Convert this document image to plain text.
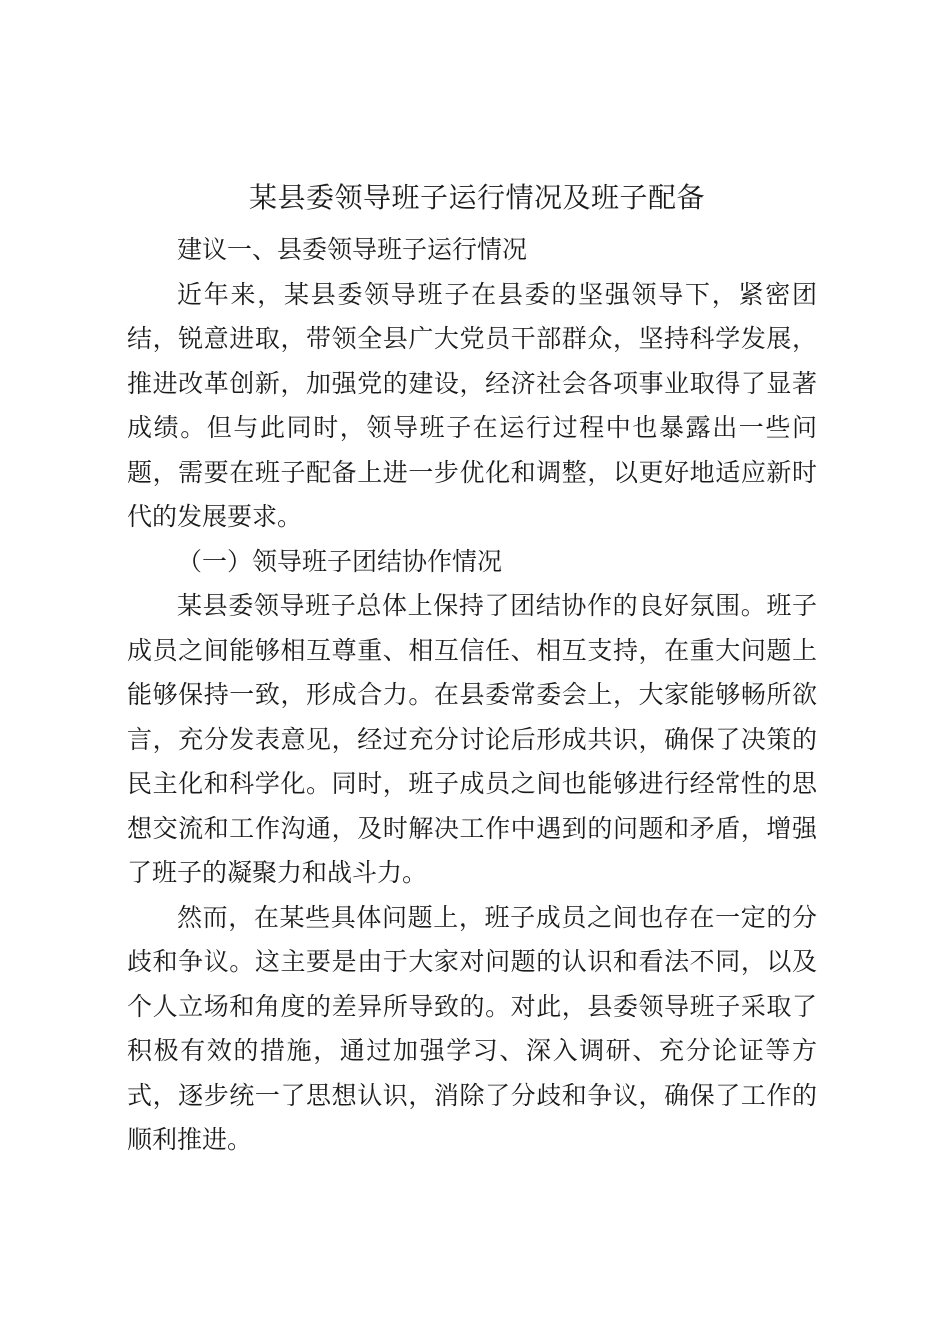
某县委领导班子运行情况及班子配备

建议一、县委领导班子运行情况

近年来，某县委领导班子在县委的坚强领导下，紧密团结，锐意进取，带领全县广大党员干部群众，坚持科学发展，推进改革创新，加强党的建设，经济社会各项事业取得了显著成绩。但与此同时，领导班子在运行过程中也暴露出一些问题，需要在班子配备上进一步优化和调整，以更好地适应新时代的发展要求。

（一）领导班子团结协作情况

某县委领导班子总体上保持了团结协作的良好氛围。班子成员之间能够相互尊重、相互信任、相互支持，在重大问题上能够保持一致，形成合力。在县委常委会上，大家能够畅所欲言，充分发表意见，经过充分讨论后形成共识，确保了决策的民主化和科学化。同时，班子成员之间也能够进行经常性的思想交流和工作沟通，及时解决工作中遇到的问题和矛盾，增强了班子的凝聚力和战斗力。

然而，在某些具体问题上，班子成员之间也存在一定的分歧和争议。这主要是由于大家对问题的认识和看法不同，以及个人立场和角度的差异所导致的。对此，县委领导班子采取了积极有效的措施，通过加强学习、深入调研、充分论证等方式，逐步统一了思想认识，消除了分歧和争议，确保了工作的顺利推进。
